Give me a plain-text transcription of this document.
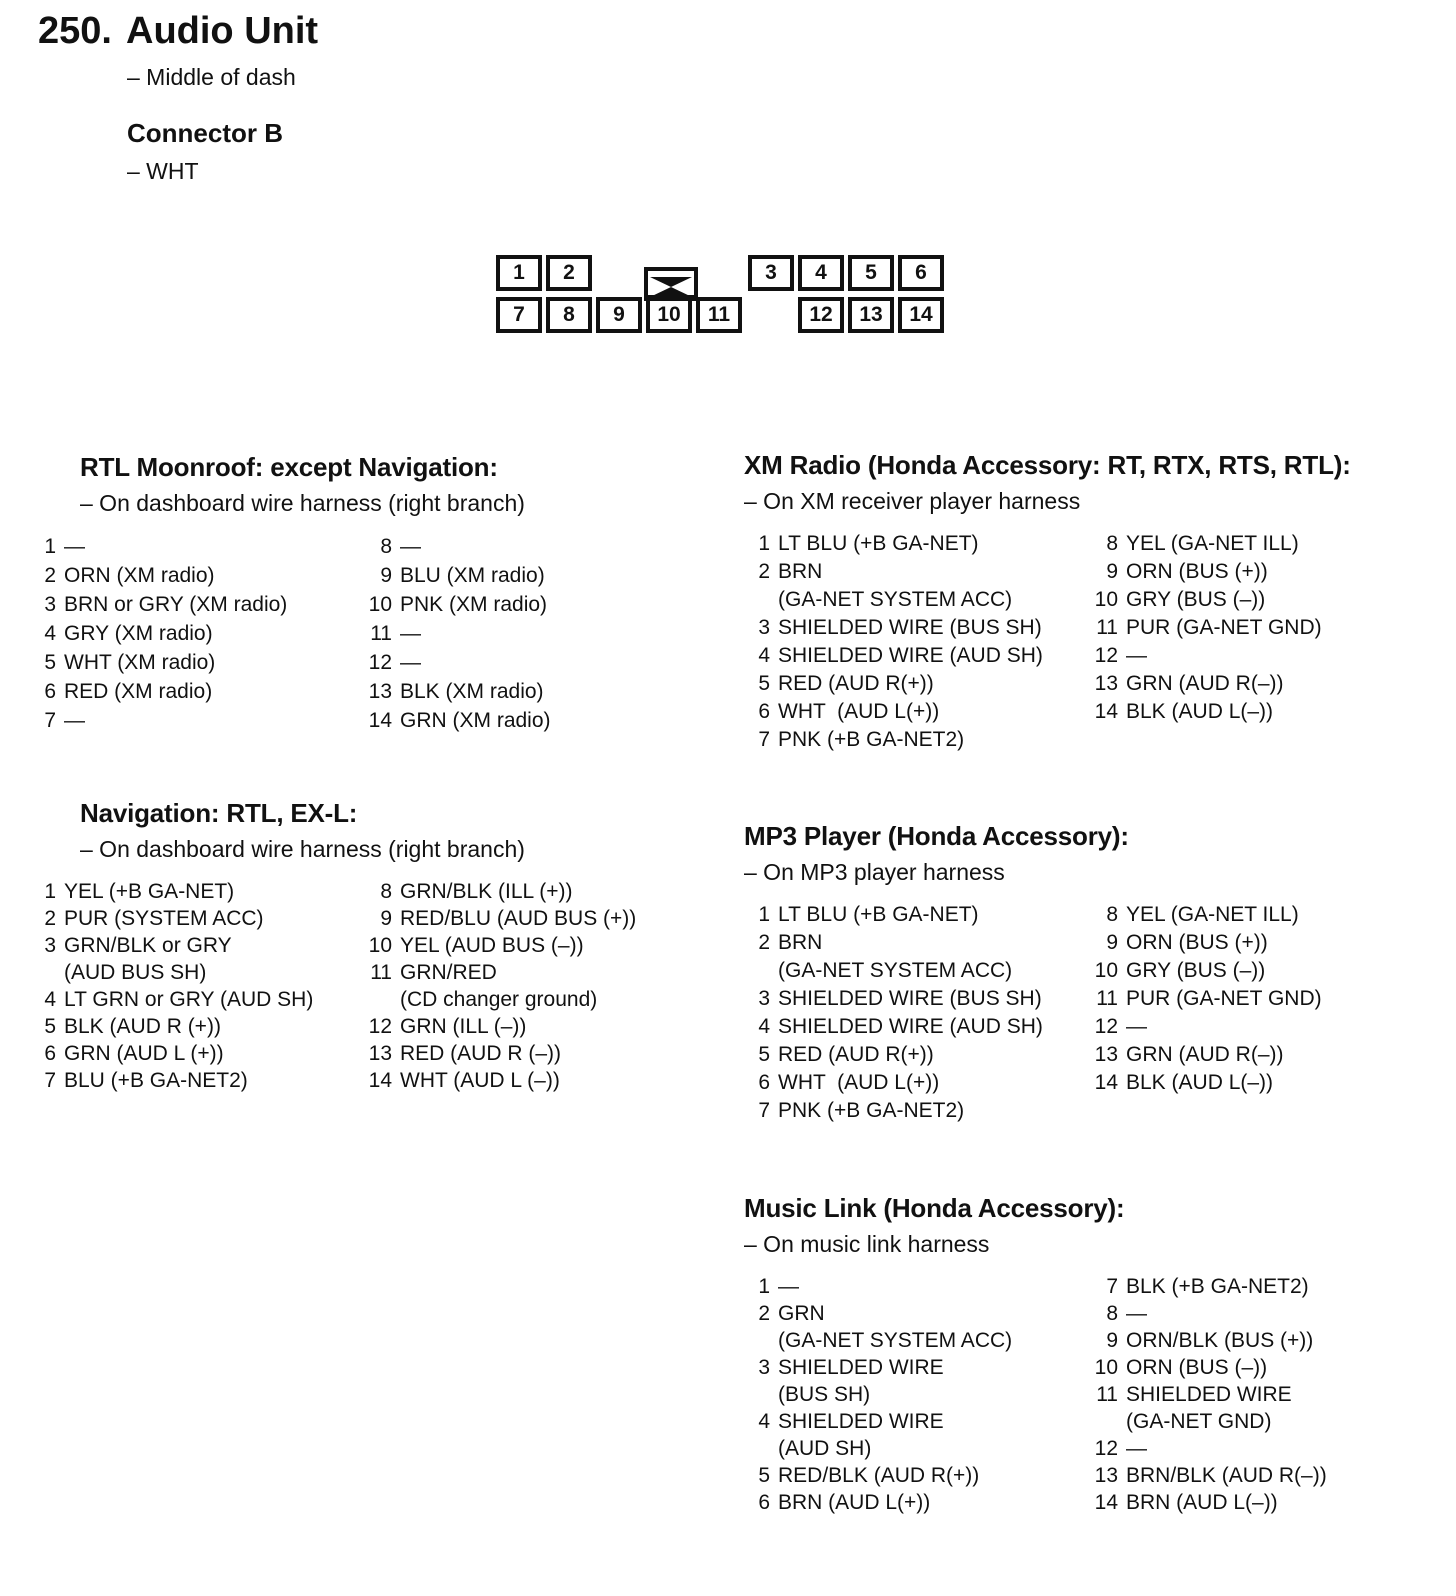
250. Audio Unit
– Middle of dash
Connector B
– WHT
1	2	3	4	5	6
7	8	9	10	11	12	13	14
RTL Moonroof: except Navigation:
– On dashboard wire harness (right branch)
1 —
2 ORN (XM radio)
3 BRN or GRY (XM radio)
4 GRY (XM radio)
5 WHT (XM radio)
6 RED (XM radio)
7 —
8 —
9 BLU (XM radio)
10 PNK (XM radio)
11 —
12 —
13 BLK (XM radio)
14 GRN (XM radio)
Navigation: RTL, EX-L:
– On dashboard wire harness (right branch)
1 YEL (+B GA-NET)
2 PUR (SYSTEM ACC)
3 GRN/BLK or GRY
(AUD BUS SH)
4 LT GRN or GRY (AUD SH)
5 BLK (AUD R (+))
6 GRN (AUD L (+))
7 BLU (+B GA-NET2)
8 GRN/BLK (ILL (+))
9 RED/BLU (AUD BUS (+))
10 YEL (AUD BUS (–))
11 GRN/RED
(CD changer ground)
12 GRN (ILL (–))
13 RED (AUD R (–))
14 WHT (AUD L (–))
XM Radio (Honda Accessory: RT, RTX, RTS, RTL):
– On XM receiver player harness
1 LT BLU (+B GA-NET)
2 BRN
(GA-NET SYSTEM ACC)
3 SHIELDED WIRE (BUS SH)
4 SHIELDED WIRE (AUD SH)
5 RED (AUD R(+))
6 WHT  (AUD L(+))
7 PNK (+B GA-NET2)
8 YEL (GA-NET ILL)
9 ORN (BUS (+))
10 GRY (BUS (–))
11 PUR (GA-NET GND)
12 —
13 GRN (AUD R(–))
14 BLK (AUD L(–))
MP3 Player (Honda Accessory):
– On MP3 player harness
1 LT BLU (+B GA-NET)
2 BRN
(GA-NET SYSTEM ACC)
3 SHIELDED WIRE (BUS SH)
4 SHIELDED WIRE (AUD SH)
5 RED (AUD R(+))
6 WHT  (AUD L(+))
7 PNK (+B GA-NET2)
8 YEL (GA-NET ILL)
9 ORN (BUS (+))
10 GRY (BUS (–))
11 PUR (GA-NET GND)
12 —
13 GRN (AUD R(–))
14 BLK (AUD L(–))
Music Link (Honda Accessory):
– On music link harness
1 —
2 GRN
(GA-NET SYSTEM ACC)
3 SHIELDED WIRE
(BUS SH)
4 SHIELDED WIRE
(AUD SH)
5 RED/BLK (AUD R(+))
6 BRN (AUD L(+))
7 BLK (+B GA-NET2)
8 —
9 ORN/BLK (BUS (+))
10 ORN (BUS (–))
11 SHIELDED WIRE
(GA-NET GND)
12 —
13 BRN/BLK (AUD R(–))
14 BRN (AUD L(–))
